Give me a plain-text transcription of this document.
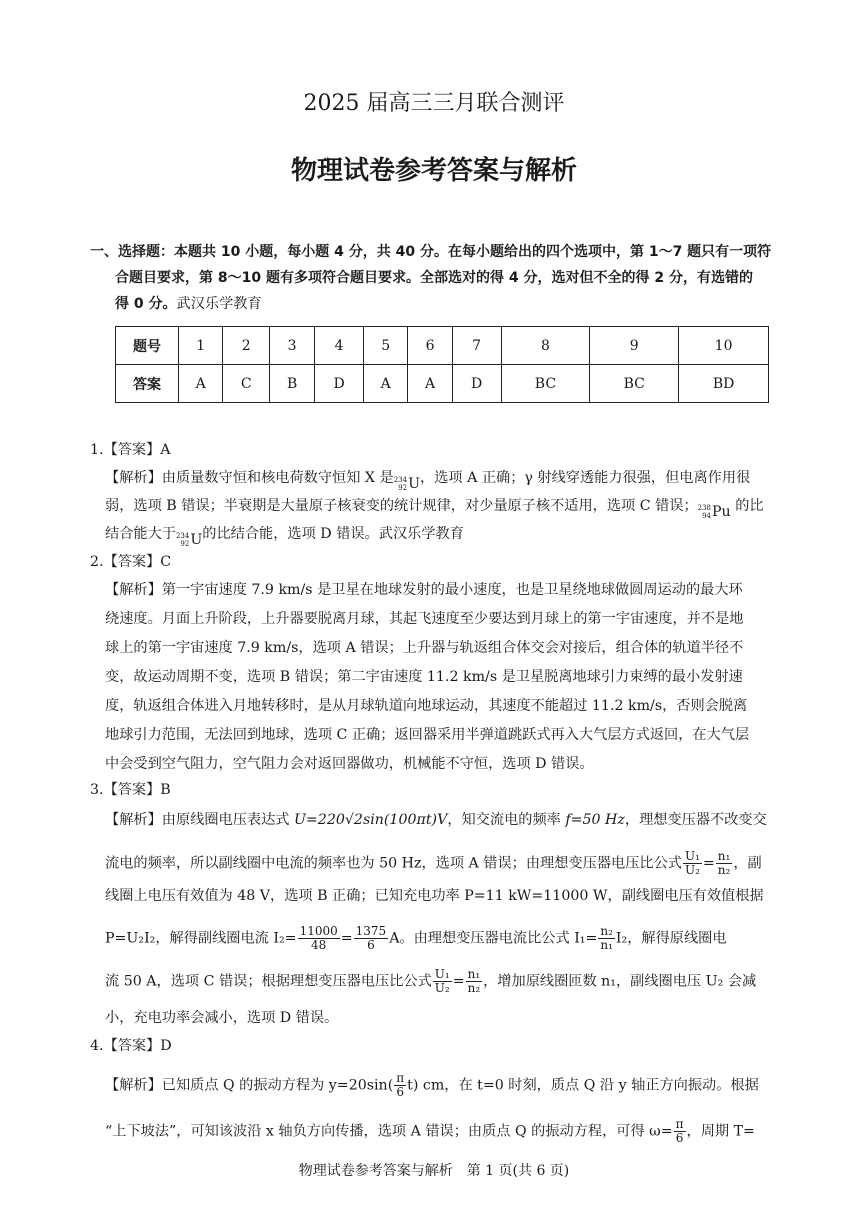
2025 届高三三月联合测评
物理试卷参考答案与解析
一、选择题：本题共 10 小题，每小题 4 分，共 40 分。在每小题给出的四个选项中，第 1～7 题只有一项符
合题目要求，第 8～10 题有多项符合题目要求。全部选对的得 4 分，选对但不全的得 2 分，有选错的
得 0 分。武汉乐学教育
题号	1	2	3	4	5	6	7	8	9	10
答案	A	C	B	D	A	A	D	BC	BC	BD
1.【答案】A
【解析】由质量数守恒和核电荷数守恒知 X 是 234
92 U ，选项 A 正确；γ 射线穿透能力很强，但电离作用很
弱，选项 B 错误；半衰期是大量原子核衰变的统计规律，对少量原子核不适用，选项 C 错误； 238
94 Pu 的比
结合能大于 234
92 U 的比结合能，选项 D 错误。武汉乐学教育
2.【答案】C
【解析】第一宇宙速度 7.9 km/s 是卫星在地球发射的最小速度，也是卫星绕地球做圆周运动的最大环
绕速度。月面上升阶段，上升器要脱离月球，其起飞速度至少要达到月球上的第一宇宙速度，并不是地
球上的第一宇宙速度 7.9 km/s，选项 A 错误；上升器与轨返组合体交会对接后，组合体的轨道半径不
变，故运动周期不变，选项 B 错误；第二宇宙速度 11.2 km/s 是卫星脱离地球引力束缚的最小发射速
度，轨返组合体进入月地转移时，是从月球轨道向地球运动，其速度不能超过 11.2 km/s，否则会脱离
地球引力范围，无法回到地球，选项 C 正确；返回器采用半弹道跳跃式再入大气层方式返回，在大气层
中会受到空气阻力，空气阻力会对返回器做功，机械能不守恒，选项 D 错误。
3.【答案】B
【解析】由原线圈电压表达式 U=220√2sin(100πt)V，知交流电的频率 f=50 Hz，理想变压器不改变交
流电的频率，所以副线圈中电流的频率也为 50 Hz，选项 A 错误；由理想变压器电压比公式 $\frac{\text{U₁}}{\text{U₂}} = \frac{\text{n₁}}{\text{n₂}}$ ，副
线圈上电压有效值为 48 V，选项 B 正确；已知充电功率 P=11 kW=11000 W，副线圈电压有效值根据
P=U₂I₂，解得副线圈电流 $I_2= \frac{11000}{48} = \frac{1375}{6}$ A。由理想变压器电流比公式 $I_1= \frac{\text{n₂}}{\text{n₁}} I_2$，解得原线圈电
流 50 A，选项 C 错误；根据理想变压器电压比公式 $\frac{\text{U₁}}{\text{U₂}} = \frac{\text{n₁}}{\text{n₂}}$ ，增加原线圈匝数 n₁，副线圈电压 U₂ 会减
小，充电功率会减小，选项 D 错误。
4.【答案】D
【解析】已知质点 Q 的振动方程为 $y=20\sin( \frac{\pi}{6} t)$ cm，在 t=0 时刻，质点 Q 沿 y 轴正方向振动。根据
“上下坡法”，可知该波沿 x 轴负方向传播，选项 A 错误；由质点 Q 的振动方程，可得 $\omega= \frac{\pi}{6}$ ，周期 T=
物理试卷参考答案与解析　第 1 页(共 6 页)
